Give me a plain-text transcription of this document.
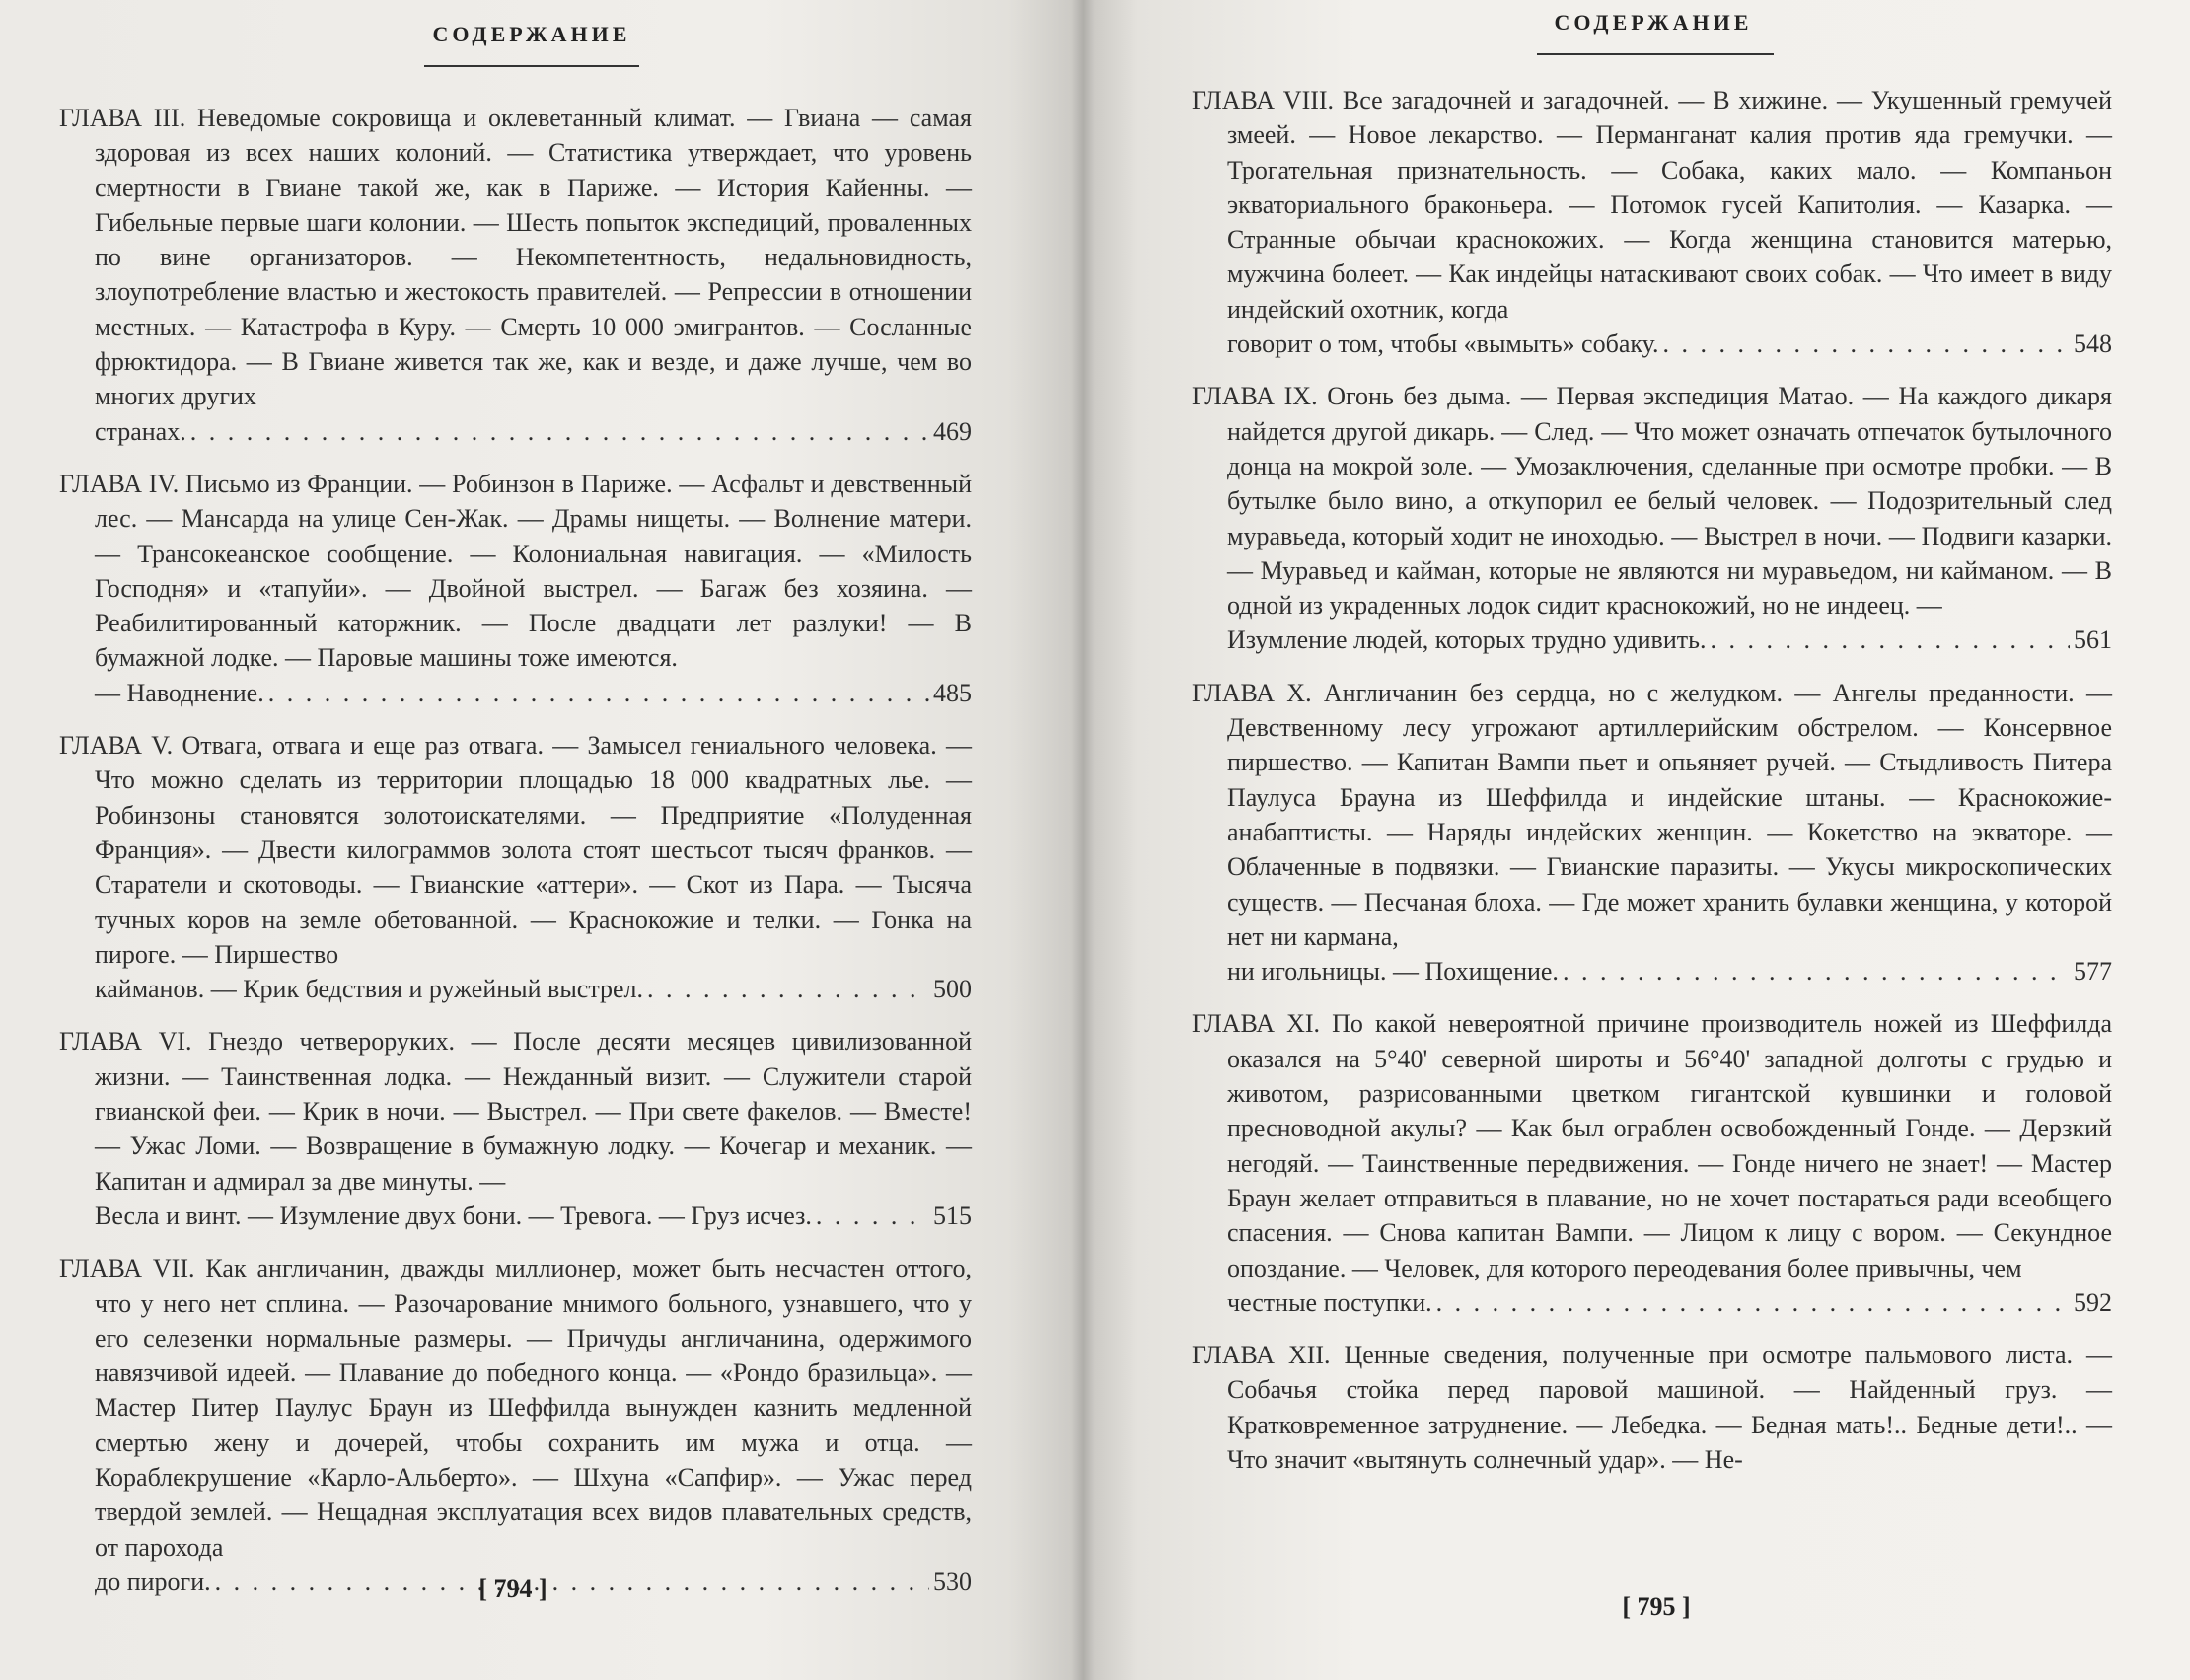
СОДЕРЖАНИЕ
ГЛАВА III. Неведомые сокровища и оклеветанный климат. — Гвиана — самая здоровая из всех наших колоний. — Статистика утверждает, что уровень смертности в Гвиане такой же, как в Париже. — История Кайенны. — Гибельные первые шаги колонии. — Шесть попыток экспедиций, проваленных по вине организаторов. — Некомпетентность, недальновидность, злоупотребление властью и жестокость правителей. — Репрессии в отношении местных. — Катастрофа в Куру. — Смерть 10 000 эмигрантов. — Сосланные фрюктидора. — В Гвиане живется так же, как и везде, и даже лучше, чем во многих других
странах. . . .	469
ГЛАВА IV. Письмо из Франции. — Робинзон в Париже. — Асфальт и девственный лес. — Мансарда на улице Сен-Жак. — Драмы нищеты. — Волнение матери. — Трансокеанское сообщение. — Колониальная навигация. — «Милость Господня» и «тапуйи». — Двойной выстрел. — Багаж без хозяина. — Реабилитированный каторжник. — После двадцати лет разлуки! — В бумажной лодке. — Паровые машины тоже имеются.
— Наводнение. . . .	485
ГЛАВА V. Отвага, отвага и еще раз отвага. — Замысел гениального человека. — Что можно сделать из территории площадью 18 000 квадратных лье. — Робинзоны становятся золотоискателями. — Предприятие «Полуденная Франция». — Двести килограммов золота стоят шестьсот тысяч франков. — Старатели и скотоводы. — Гвианские «аттери». — Скот из Пара. — Тысяча тучных коров на земле обетованной. — Краснокожие и телки. — Гонка на пироге. — Пиршество
кайманов. — Крик бедствия и ружейный выстрел. . . .	500
ГЛАВА VI. Гнездо четвероруких. — После десяти месяцев цивилизованной жизни. — Таинственная лодка. — Нежданный визит. — Служители старой гвианской феи. — Крик в ночи. — Выстрел. — При свете факелов. — Вместе! — Ужас Ломи. — Возвращение в бумажную лодку. — Кочегар и механик. — Капитан и адмирал за две минуты. —
Весла и винт. — Изумление двух бони. — Тревога. — Груз исчез. . . .	515
ГЛАВА VII. Как англичанин, дважды миллионер, может быть несчастен оттого, что у него нет сплина. — Разочарование мнимого больного, узнавшего, что у его селезенки нормальные размеры. — Причуды англичанина, одержимого навязчивой идеей. — Плавание до победного конца. — «Рондо бразильца». — Мастер Питер Паулус Браун из Шеффилда вынужден казнить медленной смертью жену и дочерей, чтобы сохранить им мужа и отца. — Кораблекрушение «Карло-Альберто». — Шхуна «Сапфир». — Ужас перед твердой землей. — Нещадная эксплуатация всех видов плавательных средств, от парохода
до пироги. . . .	530
[ 794 ]
СОДЕРЖАНИЕ
ГЛАВА VIII. Все загадочней и загадочней. — В хижине. — Укушенный гремучей змеей. — Новое лекарство. — Перманганат калия против яда гремучки. — Трогательная признательность. — Собака, каких мало. — Компаньон экваториального браконьера. — Потомок гусей Капитолия. — Казарка. — Странные обычаи краснокожих. — Когда женщина становится матерью, мужчина болеет. — Как индейцы натаскивают своих собак. — Что имеет в виду индейский охотник, когда
говорит о том, чтобы «вымыть» собаку. . . .	548
ГЛАВА IX. Огонь без дыма. — Первая экспедиция Матао. — На каждого дикаря найдется другой дикарь. — След. — Что может означать отпечаток бутылочного донца на мокрой золе. — Умозаключения, сделанные при осмотре пробки. — В бутылке было вино, а откупорил ее белый человек. — Подозрительный след муравьеда, который ходит не иноходью. — Выстрел в ночи. — Подвиги казарки. — Муравьед и кайман, которые не являются ни муравьедом, ни кайманом. — В одной из украденных лодок сидит краснокожий, но не индеец. —
Изумление людей, которых трудно удивить. . . .	561
ГЛАВА X. Англичанин без сердца, но с желудком. — Ангелы преданности. — Девственному лесу угрожают артиллерийским обстрелом. — Консервное пиршество. — Капитан Вампи пьет и опьяняет ручей. — Стыдливость Питера Паулуса Брауна из Шеффилда и индейские штаны. — Краснокожие-анабаптисты. — Наряды индейских женщин. — Кокетство на экваторе. — Облаченные в подвязки. — Гвианские паразиты. — Укусы микроскопических существ. — Песчаная блоха. — Где может хранить булавки женщина, у которой нет ни кармана,
ни игольницы. — Похищение. . . .	577
ГЛАВА XI. По какой невероятной причине производитель ножей из Шеффилда оказался на 5°40' северной широты и 56°40' западной долготы с грудью и животом, разрисованными цветком гигантской кувшинки и головой пресноводной акулы? — Как был ограблен освобожденный Гонде. — Дерзкий негодяй. — Таинственные передвижения. — Гонде ничего не знает! — Мастер Браун желает отправиться в плавание, но не хочет постараться ради всеобщего спасения. — Снова капитан Вампи. — Лицом к лицу с вором. — Секундное опоздание. — Человек, для которого переодевания более привычны, чем
честные поступки. . . .	592
ГЛАВА XII. Ценные сведения, полученные при осмотре пальмового листа. — Собачья стойка перед паровой машиной. — Найденный груз. — Кратковременное затруднение. — Лебедка. — Бедная мать!.. Бедные дети!.. — Что значит «вытянуть солнечный удар». — Не-
[ 795 ]
